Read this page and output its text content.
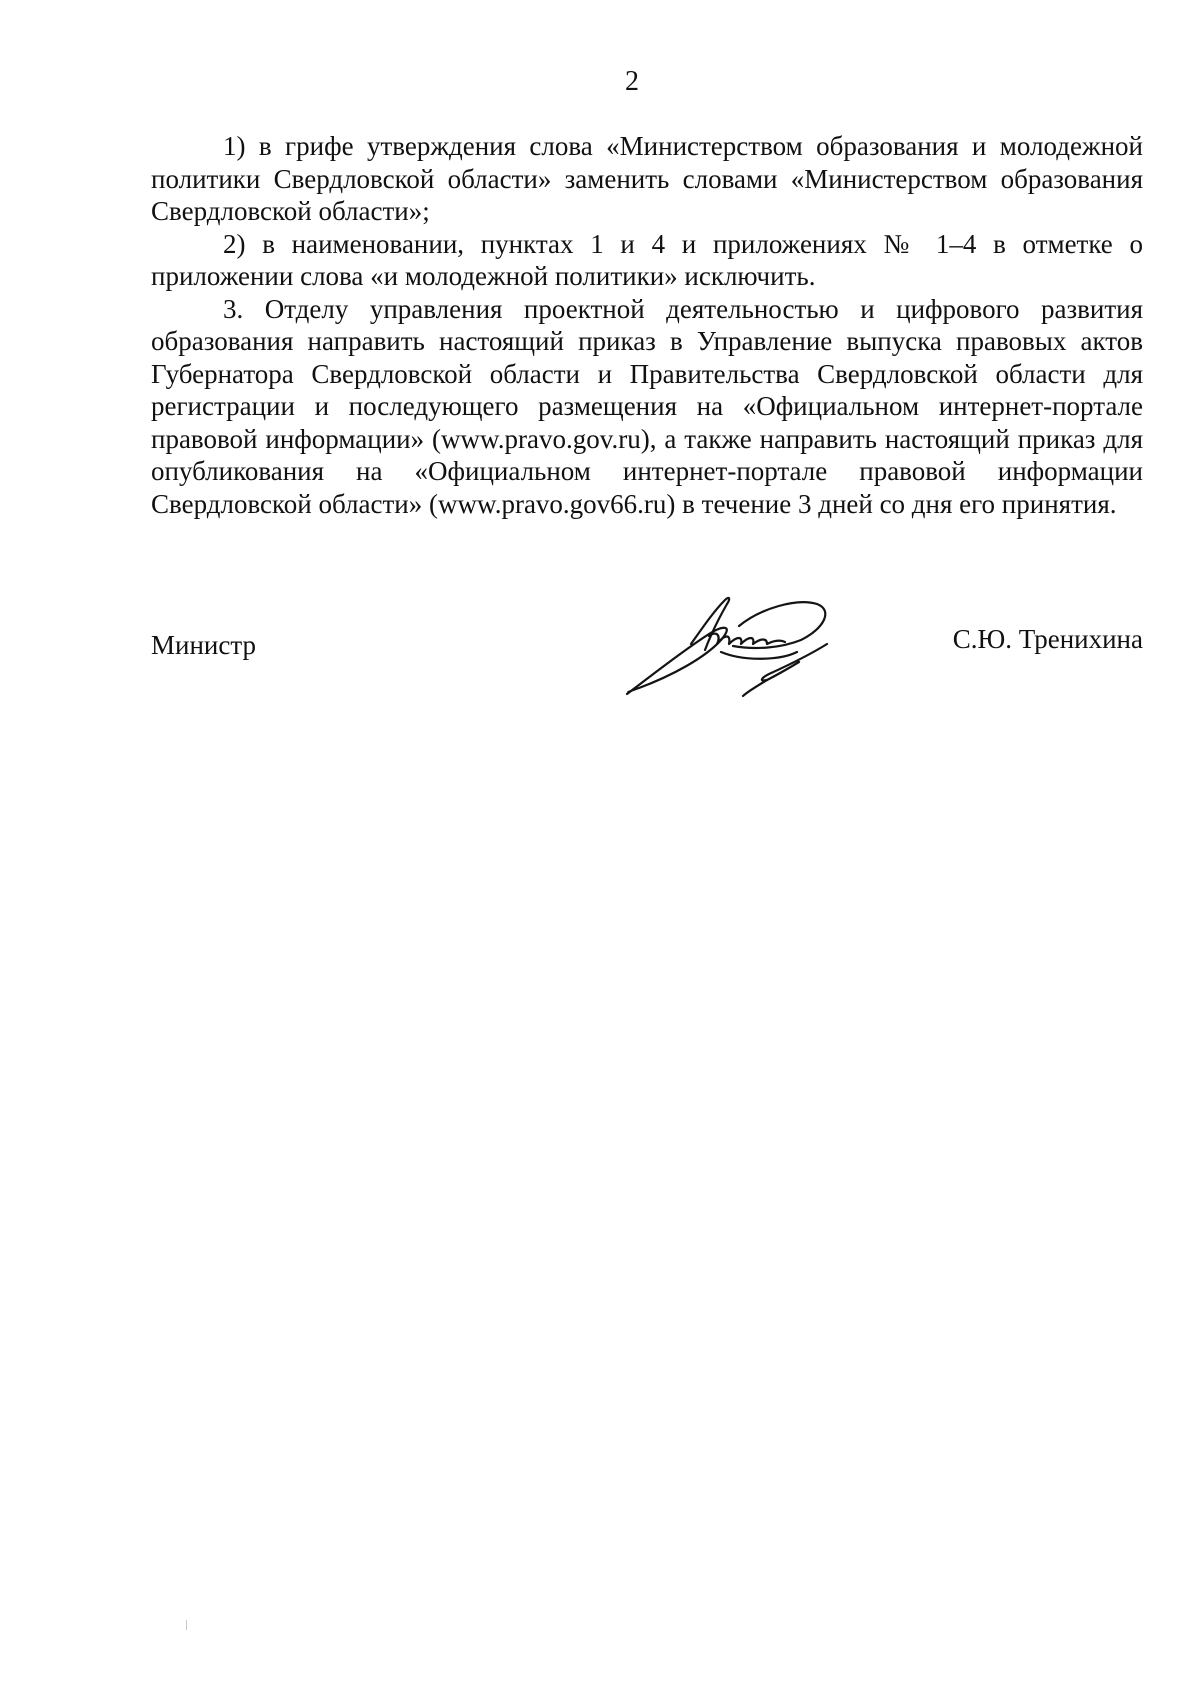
2

1) в грифе утверждения слова «Министерством образования и молодежной политики Свердловской области» заменить словами «Министерством образования Свердловской области»;

2) в наименовании, пунктах 1 и 4 и приложениях № 1–4 в отметке о приложении слова «и молодежной политики» исключить.

3. Отделу управления проектной деятельностью и цифрового развития образования направить настоящий приказ в Управление выпуска правовых актов Губернатора Свердловской области и Правительства Свердловской области для регистрации и последующего размещения на «Официальном интернет-портале правовой информации» (www.pravo.gov.ru), а также направить настоящий приказ для опубликования на «Официальном интернет-портале правовой информации Свердловской области» (www.pravo.gov66.ru) в течение 3 дней со дня его принятия.

Министр	С.Ю. Тренихина
